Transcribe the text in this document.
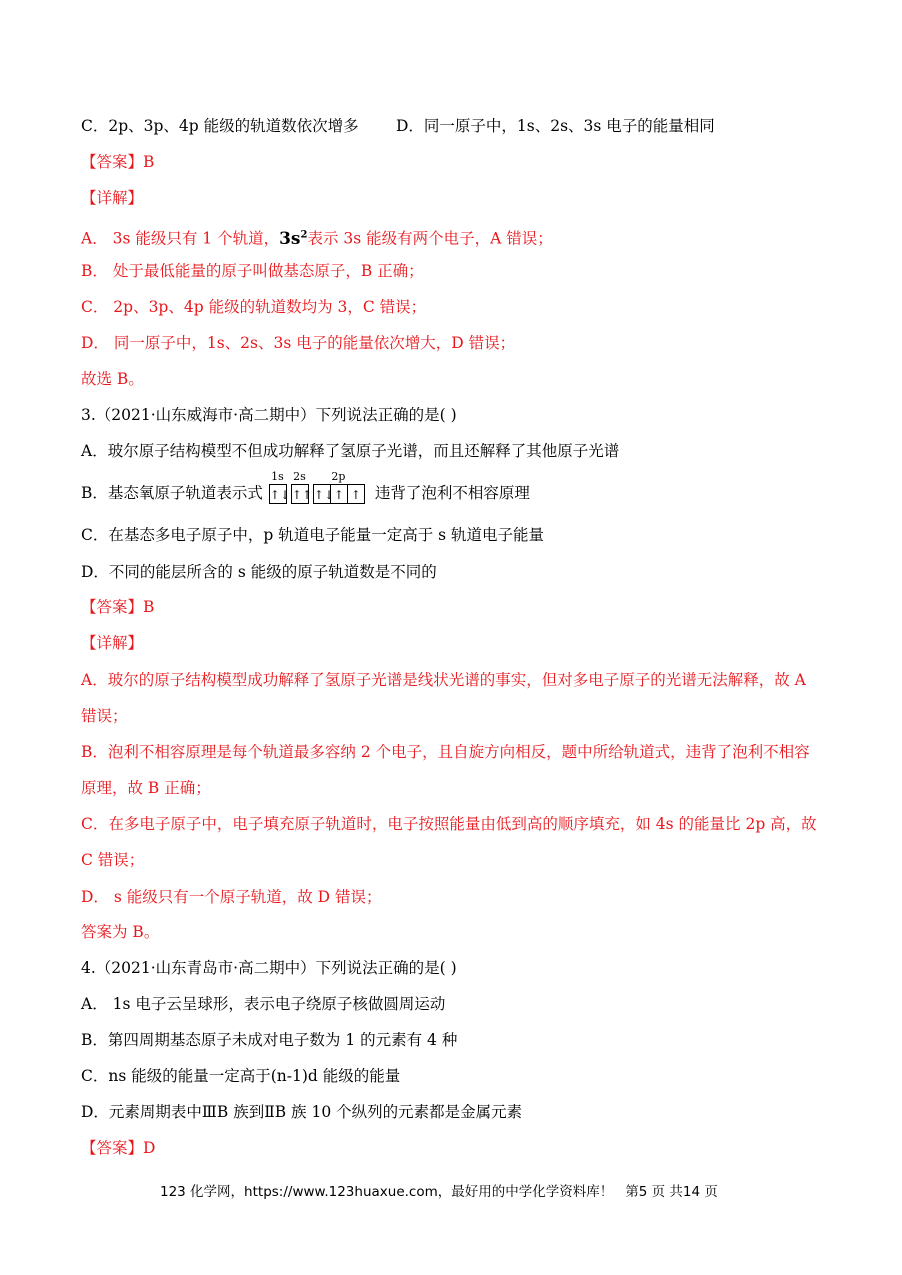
C．2p、3p、4p 能级的轨道数依次增多 D．同一原子中，1s、2s、3s 电子的能量相同
【答案】B
【详解】
A． 3s 能级只有 1 个轨道，$3s^2$表示 3s 能级有两个电子，A 错误；
B． 处于最低能量的原子叫做基态原子，B 正确；
C． 2p、3p、4p 能级的轨道数均为 3，C 错误；
D． 同一原子中，1s、2s、3s 电子的能量依次增大，D 错误；
故选 B。
3.（2021·山东威海市·高二期中）下列说法正确的是( )
A．玻尔原子结构模型不但成功解释了氢原子光谱，而且还解释了其他原子光谱
B．基态氧原子轨道表示式
1s
↑↓
2s
↑↑
2p
↑↓↑ ↑ 违背了泡利不相容原理
C．在基态多电子原子中，p 轨道电子能量一定高于 s 轨道电子能量
D．不同的能层所含的 s 能级的原子轨道数是不同的
【答案】B
【详解】
A．玻尔的原子结构模型成功解释了氢原子光谱是线状光谱的事实，但对多电子原子的光谱无法解释，故 A
错误；
B．泡利不相容原理是每个轨道最多容纳 2 个电子，且自旋方向相反，题中所给轨道式，违背了泡利不相容
原理，故 B 正确；
C．在多电子原子中，电子填充原子轨道时，电子按照能量由低到高的顺序填充，如 4s 的能量比 2p 高，故
C 错误；
D． s 能级只有一个原子轨道，故 D 错误；
答案为 B。
4.（2021·山东青岛市·高二期中）下列说法正确的是( )
A． 1s 电子云呈球形，表示电子绕原子核做圆周运动
B．第四周期基态原子未成对电子数为 1 的元素有 4 种
C．ns 能级的能量一定高于(n-1)d 能级的能量
D．元素周期表中ⅢB 族到ⅡB 族 10 个纵列的元素都是金属元素
【答案】D
123 化学网，https://www.123huaxue.com，最好用的中学化学资料库！ 第5 页 共14 页
